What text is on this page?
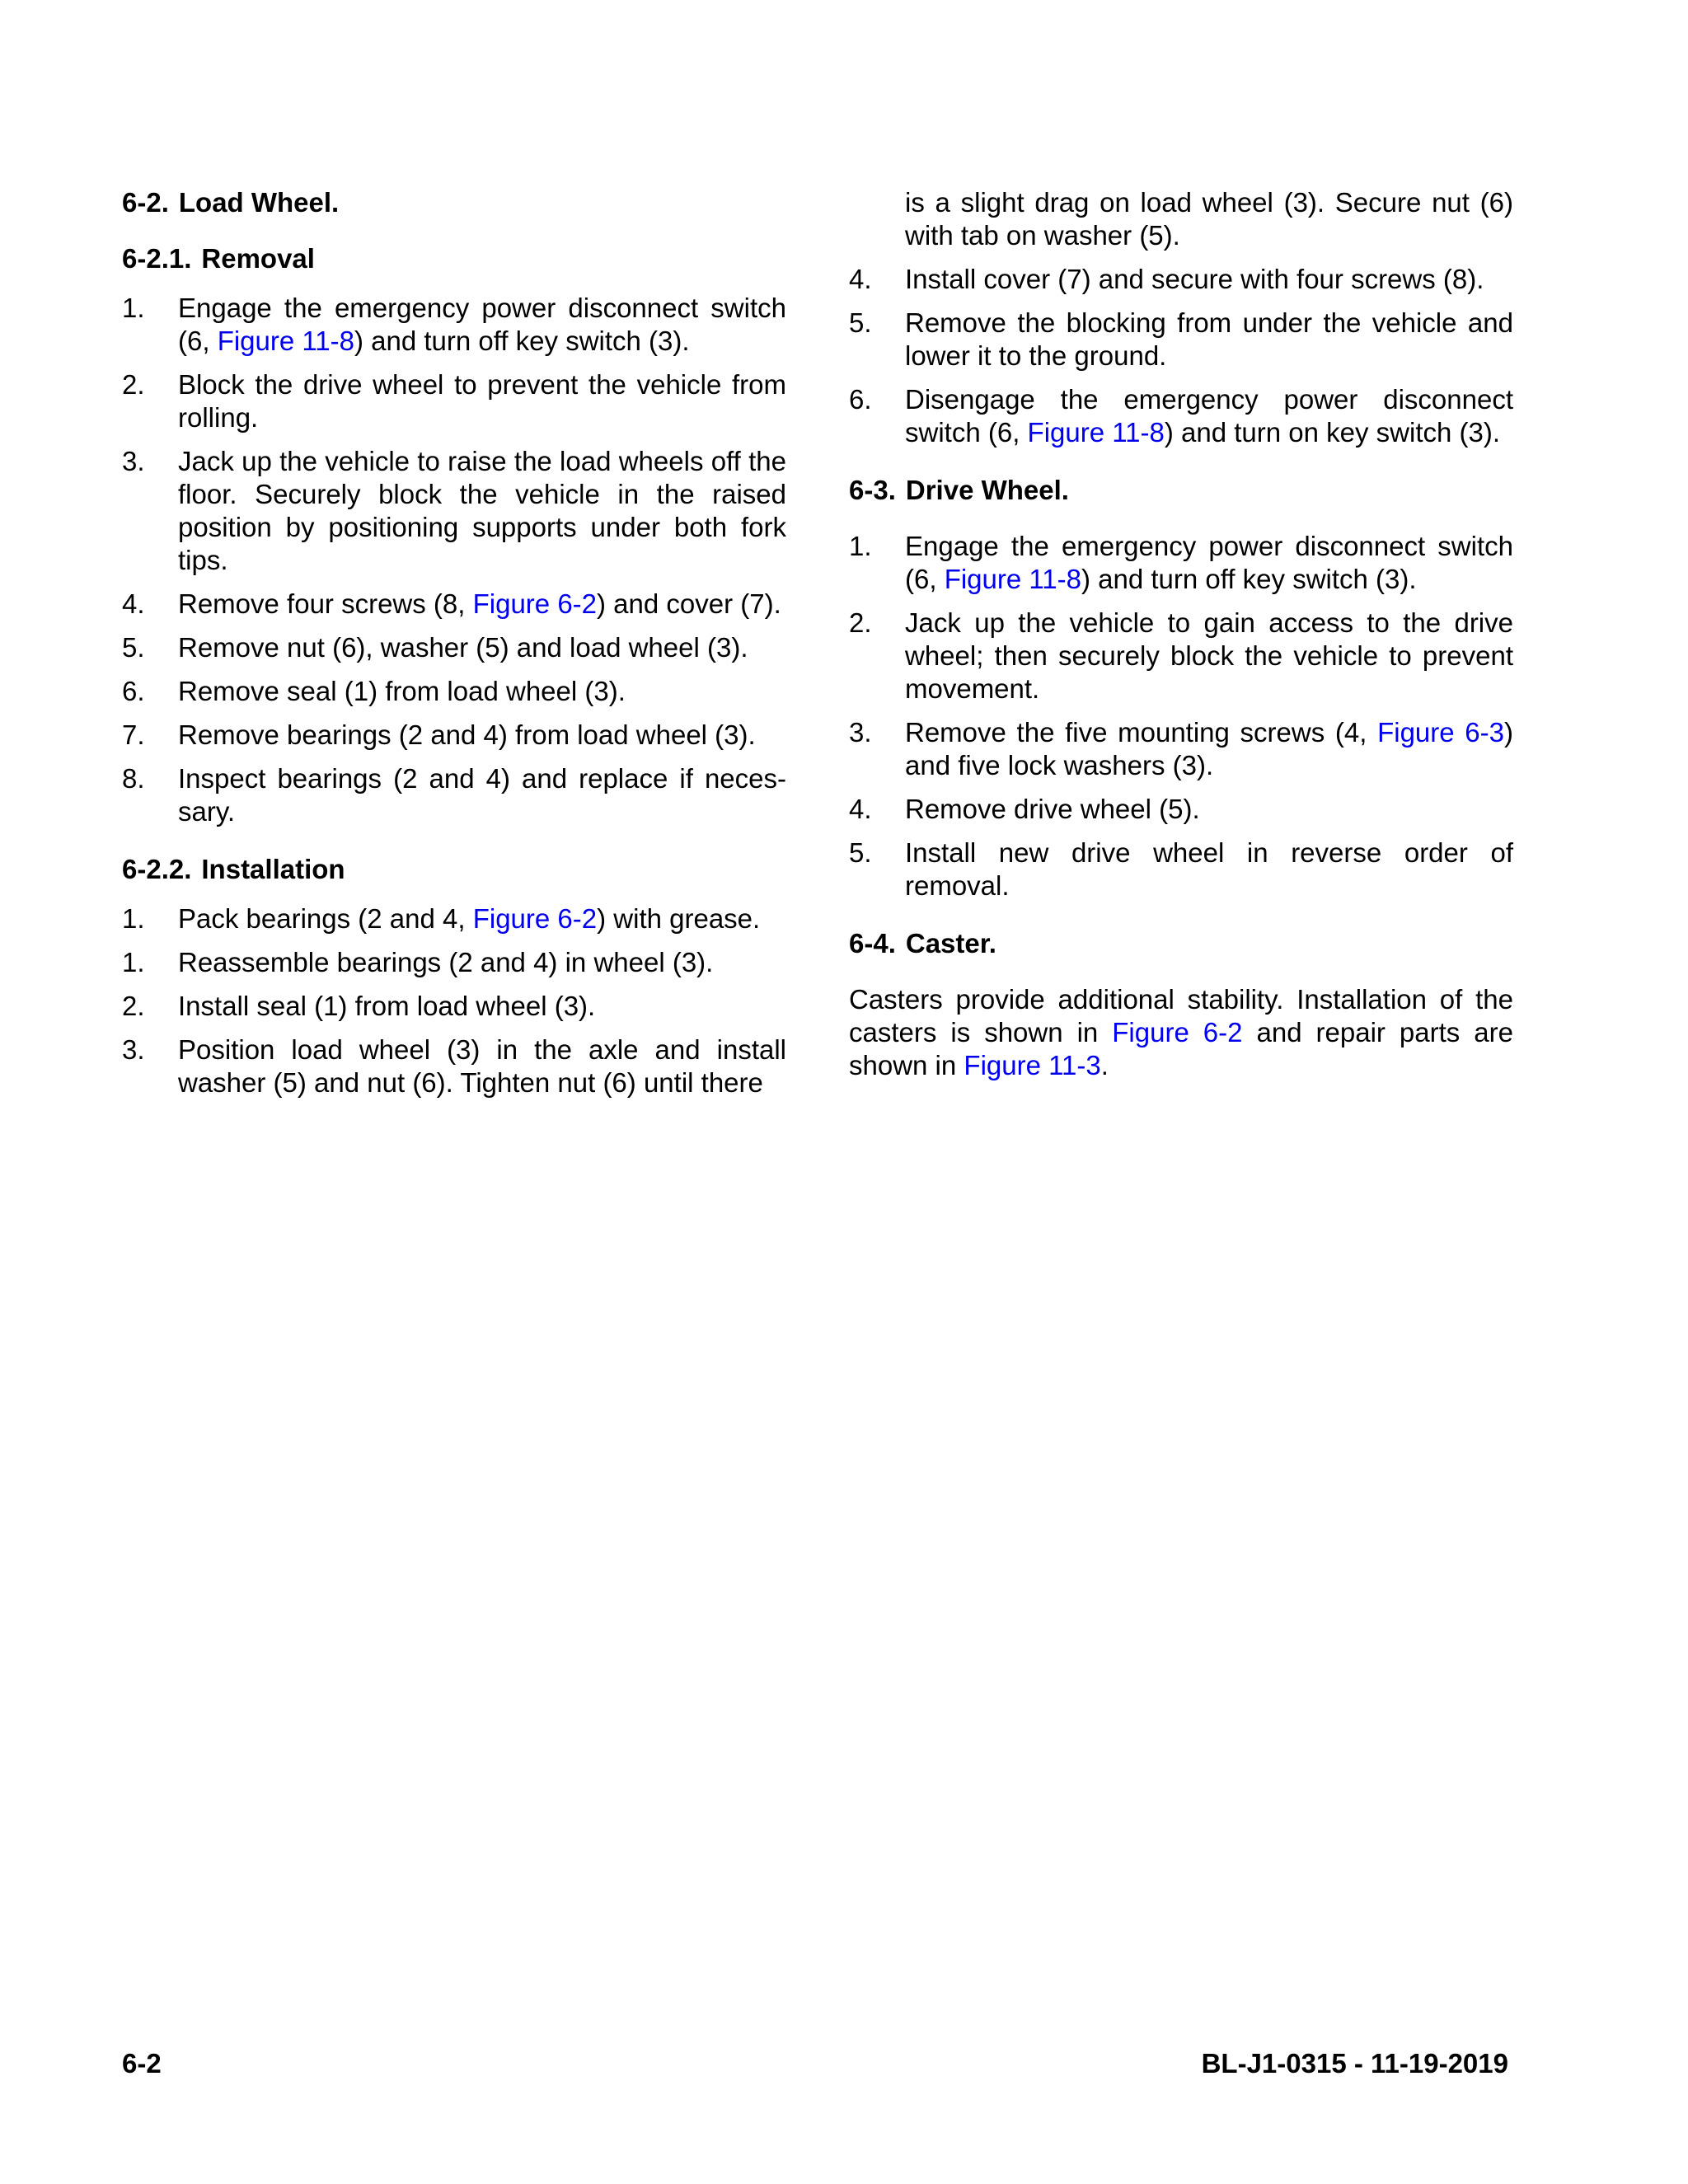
6-2. Load Wheel.
6-2.1. Removal
1. Engage the emergency power disconnect switch (6, Figure 11-8) and turn off key switch (3).
2. Block the drive wheel to prevent the vehicle from rolling.
3. Jack up the vehicle to raise the load wheels off the floor. Securely block the vehicle in the raised position by positioning supports under both fork tips.
4. Remove four screws (8, Figure 6-2) and cover (7).
5. Remove nut (6), washer (5) and load wheel (3).
6. Remove seal (1) from load wheel (3).
7. Remove bearings (2 and 4) from load wheel (3).
8. Inspect bearings (2 and 4) and replace if neces-sary.
6-2.2. Installation
1. Pack bearings (2 and 4, Figure 6-2) with grease.
1. Reassemble bearings (2 and 4) in wheel (3).
2. Install seal (1) from load wheel (3).
3. Position load wheel (3) in the axle and install washer (5) and nut (6). Tighten nut (6) until there
is a slight drag on load wheel (3). Secure nut (6) with tab on washer (5).
4. Install cover (7) and secure with four screws (8).
5. Remove the blocking from under the vehicle and lower it to the ground.
6. Disengage the emergency power disconnect switch (6, Figure 11-8) and turn on key switch (3).
6-3. Drive Wheel.
1. Engage the emergency power disconnect switch (6, Figure 11-8) and turn off key switch (3).
2. Jack up the vehicle to gain access to the drive wheel; then securely block the vehicle to prevent movement.
3. Remove the five mounting screws (4, Figure 6-3) and five lock washers (3).
4. Remove drive wheel (5).
5. Install new drive wheel in reverse order of removal.
6-4. Caster.

Casters provide additional stability. Installation of the casters is shown in Figure 6-2 and repair parts are shown in Figure 11-3.

6-2	BL-J1-0315 - 11-19-2019
